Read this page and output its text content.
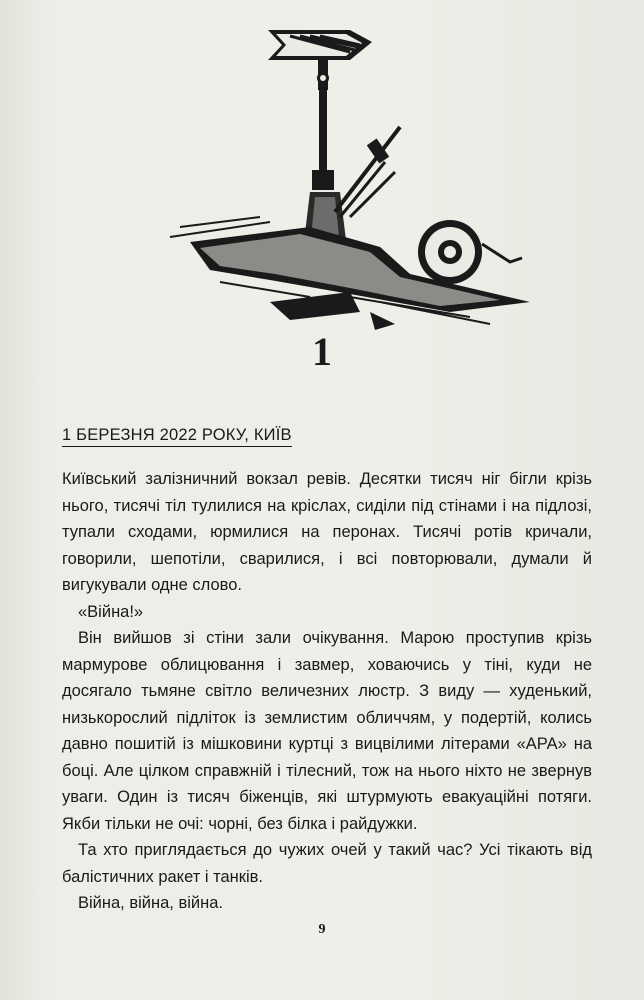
1
1 БЕРЕЗНЯ 2022 РОКУ, КИЇВ

Київський залізничний вокзал ревів. Десятки тисяч ніг бігли крізь нього, тисячі тіл тулилися на кріслах, сиділи під стінами і на підлозі, тупали сходами, юрмилися на перонах. Тисячі ротів кричали, говорили, шепотіли, сварилися, і всі повторювали, думали й вигукували одне слово.

«Війна!»

Він вийшов зі стіни зали очікування. Марою проступив крізь мармурове облицювання і завмер, ховаючись у тіні, куди не досягало тьмяне світло величезних люстр. З виду — худенький, низькорослий підліток із землистим обличчям, у подертій, колись давно пошитій із мішковини куртці з вицвілими літерами «АРА» на боці. Але цілком справжній і тілесний, тож на нього ніхто не звернув уваги. Один із тисяч біженців, які штурмують евакуаційні потяги. Якби тільки не очі: чорні, без білка і райдужки.

Та хто приглядається до чужих очей у такий час? Усі тікають від балістичних ракет і танків.

Війна, війна, війна.

9
